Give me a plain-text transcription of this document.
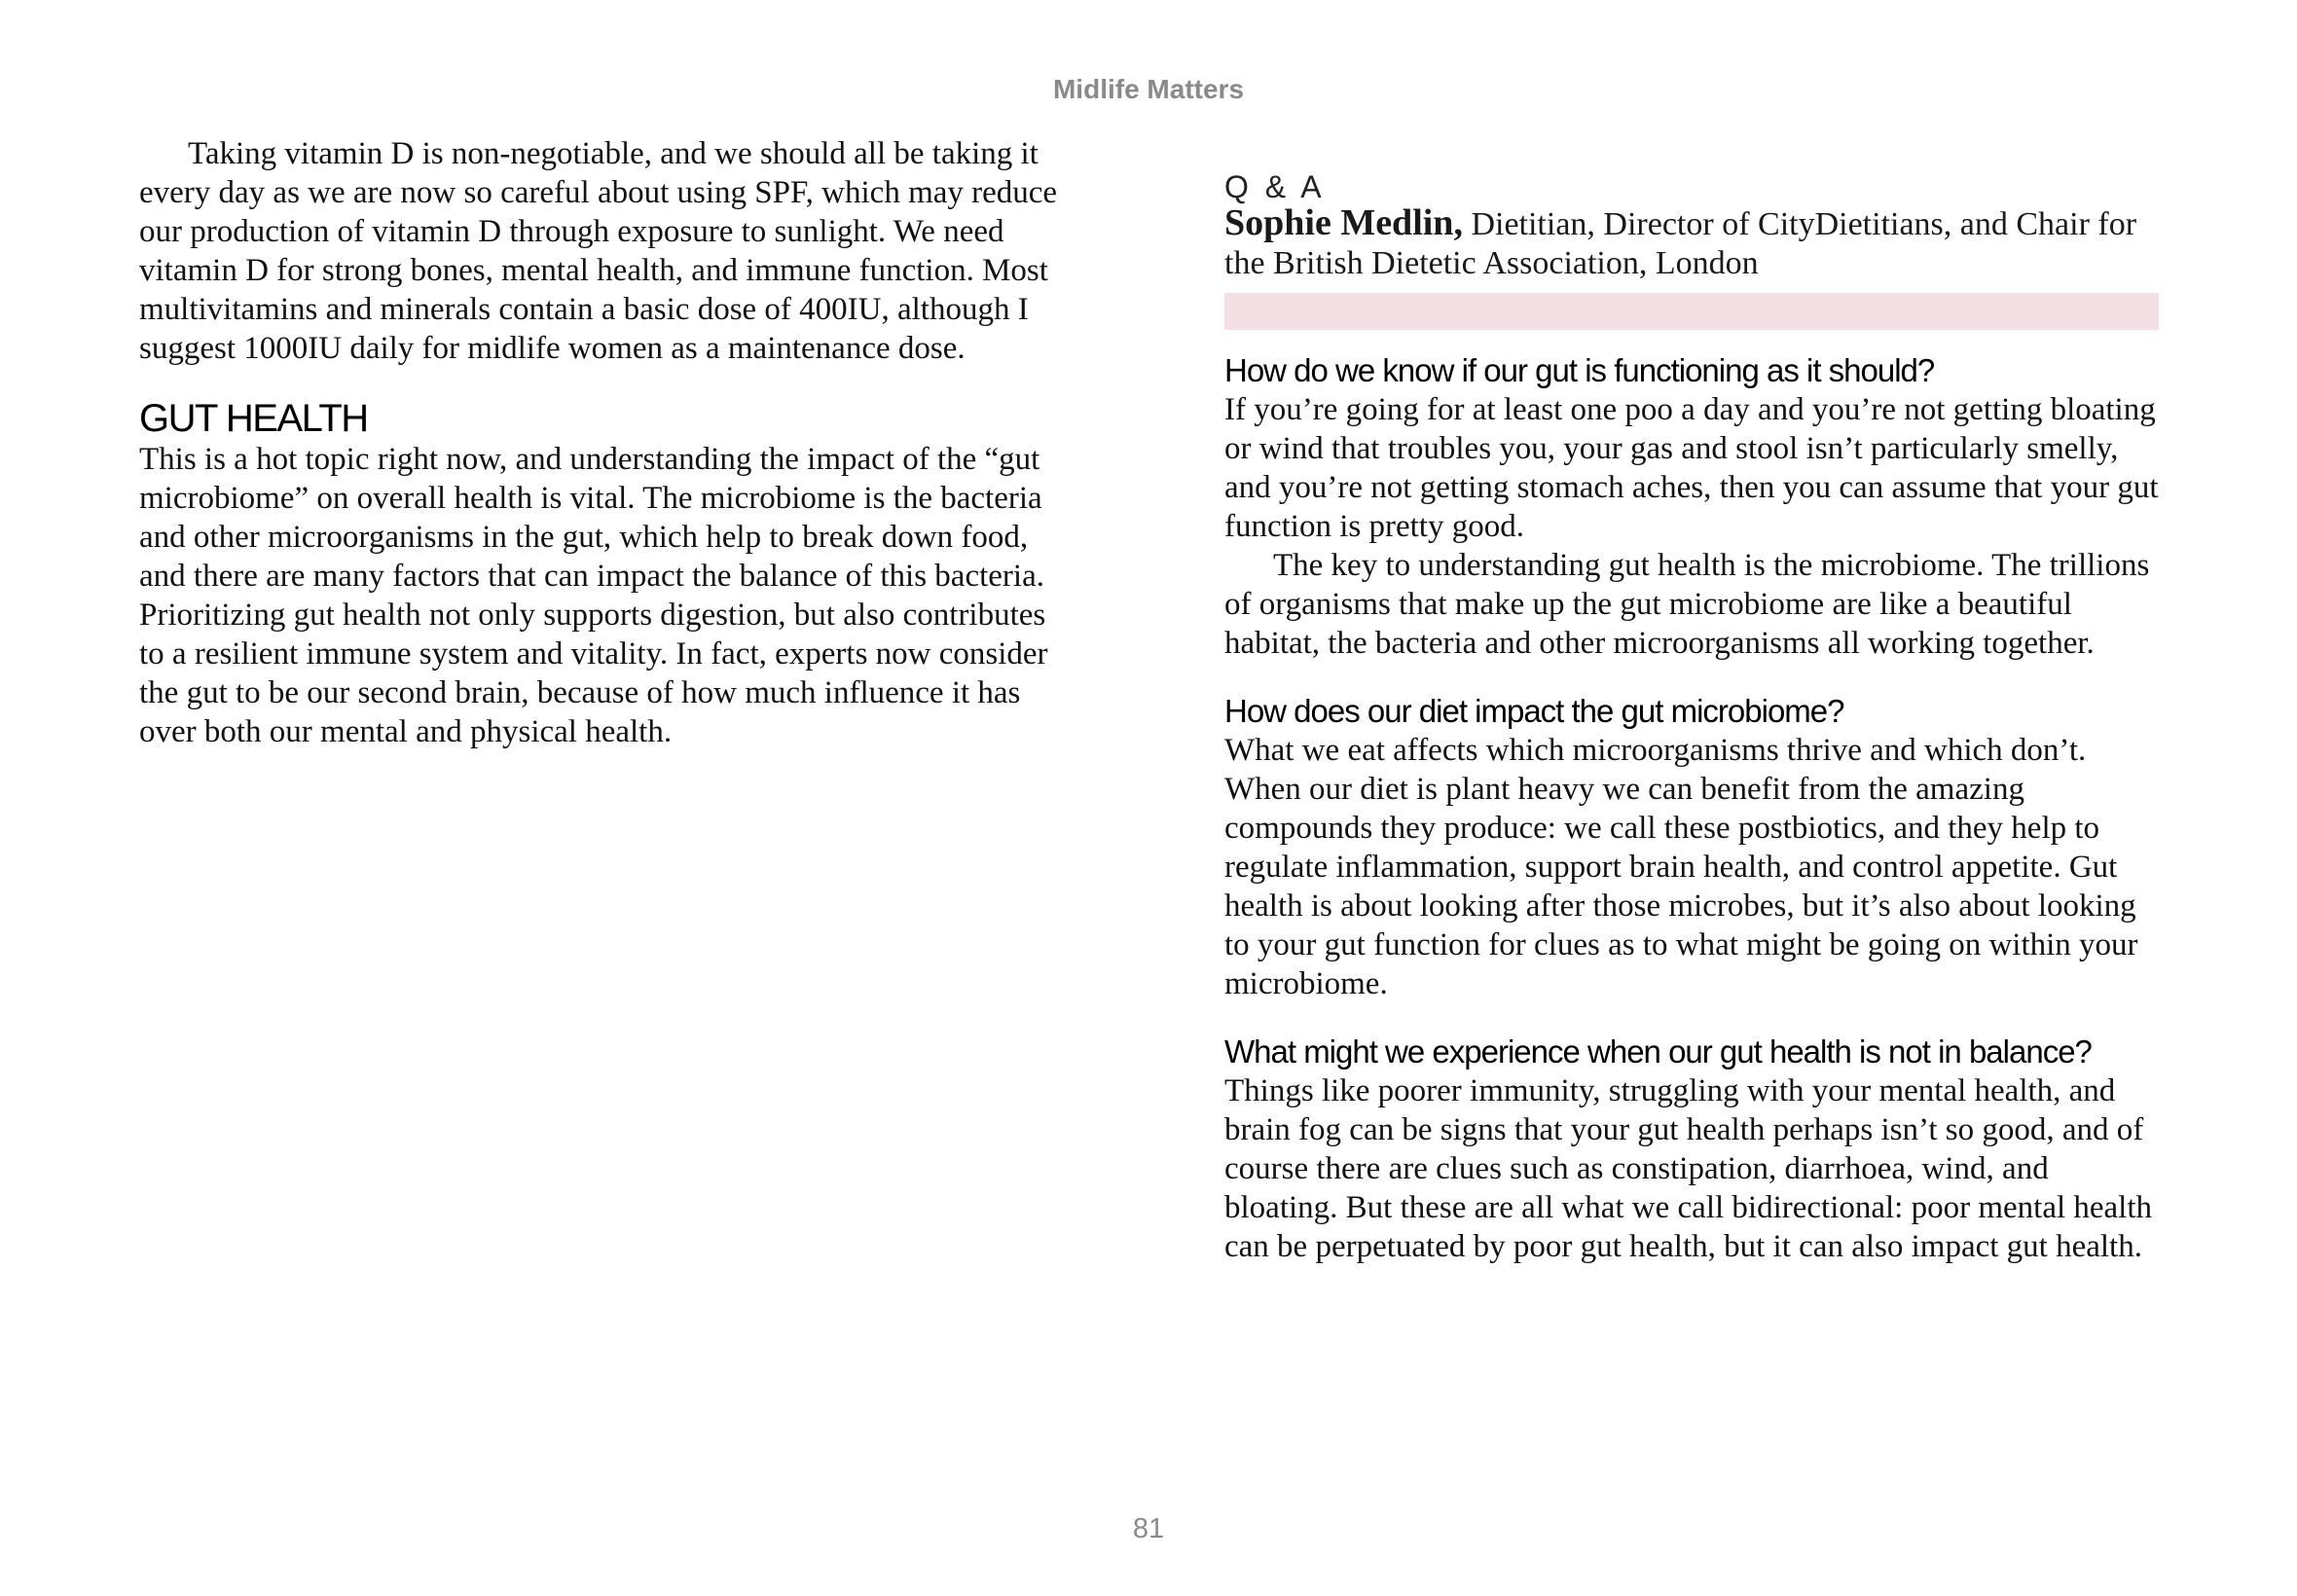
Midlife Matters

Taking vitamin D is non-negotiable, and we should all be taking it every day as we are now so careful about using SPF, which may reduce our production of vitamin D through exposure to sunlight. We need vitamin D for strong bones, mental health, and immune function. Most multivitamins and minerals contain a basic dose of 400IU, although I suggest 1000IU daily for midlife women as a maintenance dose.

GUT HEALTH

This is a hot topic right now, and understanding the impact of the “gut microbiome” on overall health is vital. The microbiome is the bacteria and other microorganisms in the gut, which help to break down food, and there are many factors that can impact the balance of this bacteria. Prioritizing gut health not only supports digestion, but also contributes to a resilient immune system and vitality. In fact, experts now consider the gut to be our second brain, because of how much influence it has over both our mental and physical health.

Q & A
Sophie Medlin, Dietitian, Director of CityDietitians, and Chair for the British Dietetic Association, London
How do we know if our gut is functioning as it should?

If you’re going for at least one poo a day and you’re not getting bloating or wind that troubles you, your gas and stool isn’t particularly smelly, and you’re not getting stomach aches, then you can assume that your gut function is pretty good.

The key to understanding gut health is the microbiome. The trillions of organisms that make up the gut microbiome are like a beautiful habitat, the bacteria and other microorganisms all working together.

How does our diet impact the gut microbiome?

What we eat affects which microorganisms thrive and which don’t. When our diet is plant heavy we can benefit from the amazing compounds they produce: we call these postbiotics, and they help to regulate inflammation, support brain health, and control appetite. Gut health is about looking after those microbes, but it’s also about looking to your gut function for clues as to what might be going on within your microbiome.

What might we experience when our gut health is not in balance?

Things like poorer immunity, struggling with your mental health, and brain fog can be signs that your gut health perhaps isn’t so good, and of course there are clues such as constipation, diarrhoea, wind, and bloating. But these are all what we call bidirectional: poor mental health can be perpetuated by poor gut health, but it can also impact gut health.

81
